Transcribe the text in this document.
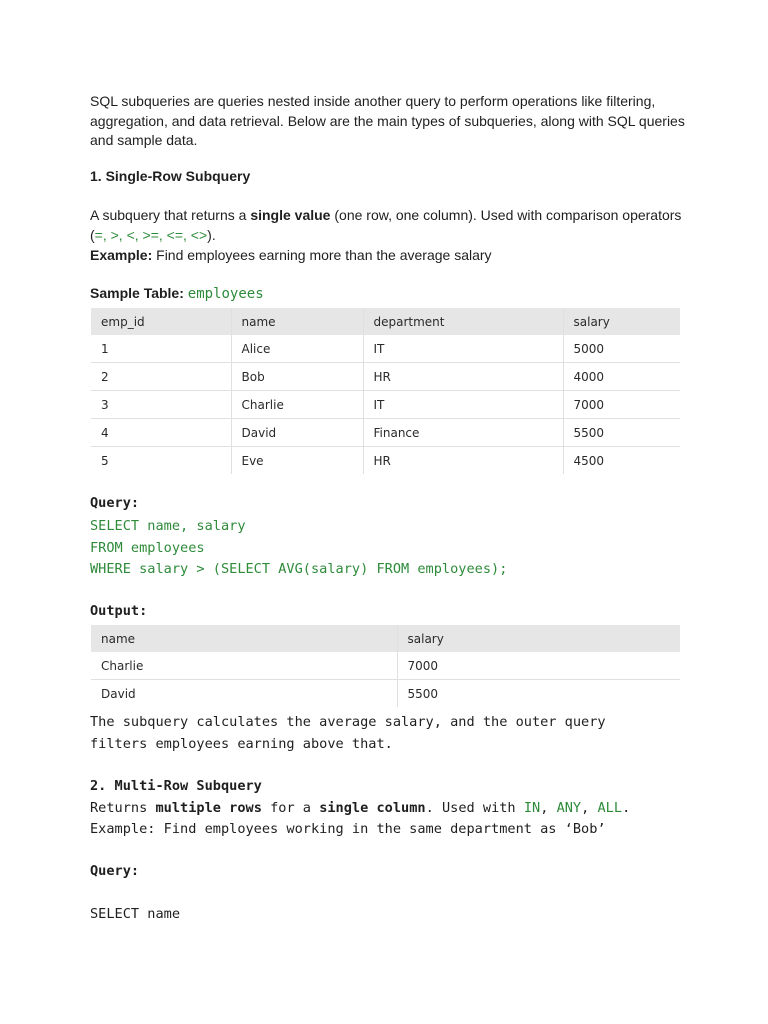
SQL subqueries are queries nested inside another query to perform operations like filtering,
aggregation, and data retrieval. Below are the main types of subqueries, along with SQL queries
and sample data.
1. Single-Row Subquery
A subquery that returns a single value (one row, one column). Used with comparison operators
(=, >, <, >=, <=, <>).
Example: Find employees earning more than the average salary
Sample Table: employees
emp_id	name	department	salary
1	Alice	IT	5000
2	Bob	HR	4000
3	Charlie	IT	7000
4	David	Finance	5500
5	Eve	HR	4500
Query:
SELECT name, salary
FROM employees
WHERE salary > (SELECT AVG(salary) FROM employees);
Output:
name	salary
Charlie	7000
David	5500
The subquery calculates the average salary, and the outer query
filters employees earning above that.
2. Multi-Row Subquery
Returns multiple rows for a single column. Used with IN, ANY, ALL.
Example: Find employees working in the same department as ‘Bob’
Query:
SELECT name
